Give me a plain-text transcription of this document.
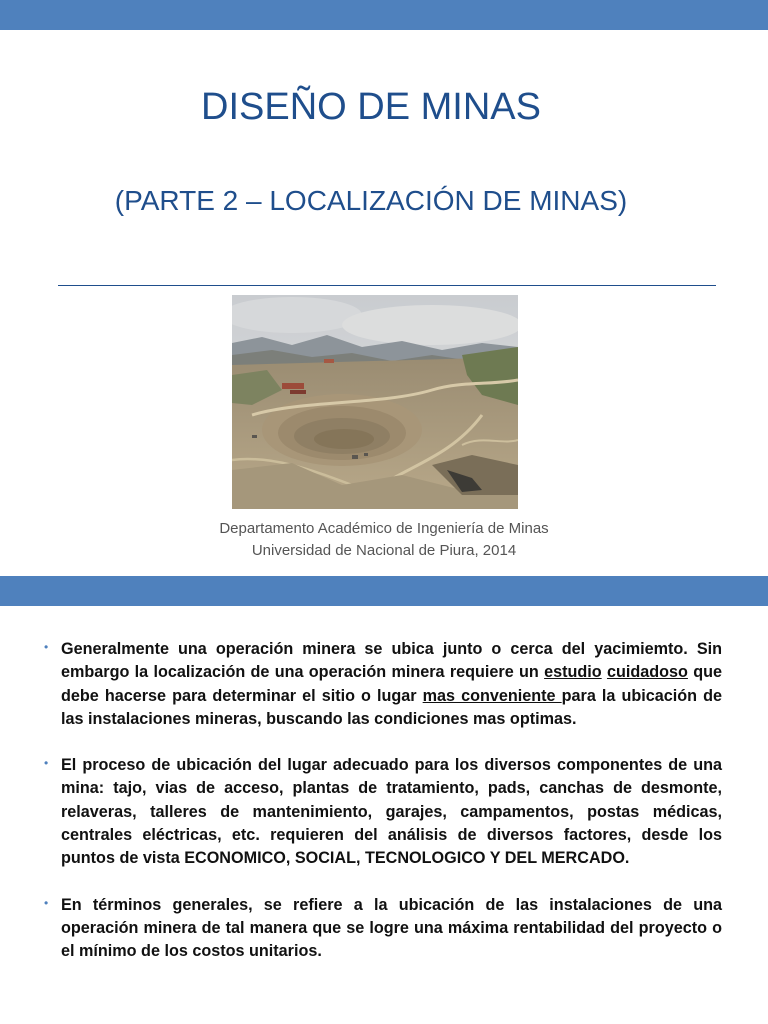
DISEÑO DE MINAS
(PARTE 2 – LOCALIZACIÓN DE MINAS)
Departamento Académico de Ingeniería de Minas
Universidad de Nacional de Piura, 2014
• Generalmente una operación minera se ubica junto o cerca del yacimiemto. Sin embargo la localización de una operación minera requiere un estudio cuidadoso que debe hacerse para determinar el sitio o lugar mas conveniente para la ubicación de las instalaciones mineras, buscando las condiciones mas optimas.
• El proceso de ubicación del lugar adecuado para los diversos componentes de una mina: tajo, vias de acceso, plantas de tratamiento, pads, canchas de desmonte, relaveras, talleres de mantenimiento, garajes, campamentos, postas médicas, centrales eléctricas, etc. requieren del análisis de diversos factores, desde los puntos de vista ECONOMICO, SOCIAL, TECNOLOGICO Y DEL MERCADO.
• En términos generales, se refiere a la ubicación de las instalaciones de una operación minera de tal manera que se logre una máxima rentabilidad del proyecto o el mínimo de los costos unitarios.
